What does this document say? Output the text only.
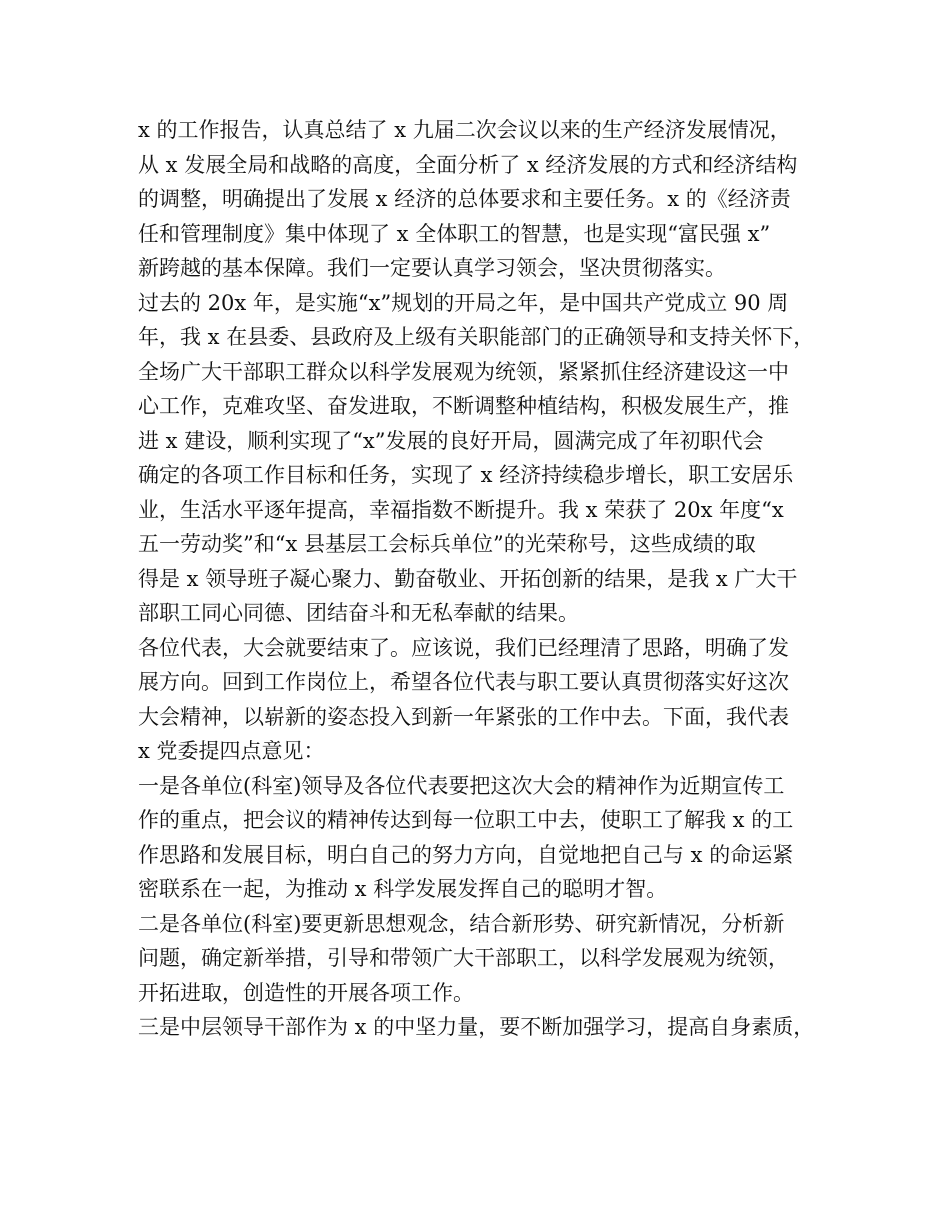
x 的工作报告，认真总结了 x 九届二次会议以来的生产经济发展情况，
从 x 发展全局和战略的高度，全面分析了 x 经济发展的方式和经济结构
的调整，明确提出了发展 x 经济的总体要求和主要任务。x 的《经济责
任和管理制度》集中体现了 x 全体职工的智慧，也是实现“富民强 x”
新跨越的基本保障。我们一定要认真学习领会，坚决贯彻落实。
过去的 20x 年，是实施“x”规划的开局之年，是中国共产党成立 90 周
年，我 x 在县委、县政府及上级有关职能部门的正确领导和支持关怀下，
全场广大干部职工群众以科学发展观为统领，紧紧抓住经济建设这一中
心工作，克难攻坚、奋发进取，不断调整种植结构，积极发展生产，推
进 x 建设，顺利实现了“x”发展的良好开局，圆满完成了年初职代会
确定的各项工作目标和任务，实现了 x 经济持续稳步增长，职工安居乐
业，生活水平逐年提高，幸福指数不断提升。我 x 荣获了 20x 年度“x
五一劳动奖”和“x 县基层工会标兵单位”的光荣称号，这些成绩的取
得是 x 领导班子凝心聚力、勤奋敬业、开拓创新的结果，是我 x 广大干
部职工同心同德、团结奋斗和无私奉献的结果。
各位代表，大会就要结束了。应该说，我们已经理清了思路，明确了发
展方向。回到工作岗位上，希望各位代表与职工要认真贯彻落实好这次
大会精神，以崭新的姿态投入到新一年紧张的工作中去。下面，我代表
x 党委提四点意见：
一是各单位(科室)领导及各位代表要把这次大会的精神作为近期宣传工
作的重点，把会议的精神传达到每一位职工中去，使职工了解我 x 的工
作思路和发展目标，明白自己的努力方向，自觉地把自己与 x 的命运紧
密联系在一起，为推动 x 科学发展发挥自己的聪明才智。
二是各单位(科室)要更新思想观念，结合新形势、研究新情况，分析新
问题，确定新举措，引导和带领广大干部职工，以科学发展观为统领，
开拓进取，创造性的开展各项工作。
三是中层领导干部作为 x 的中坚力量，要不断加强学习，提高自身素质，
